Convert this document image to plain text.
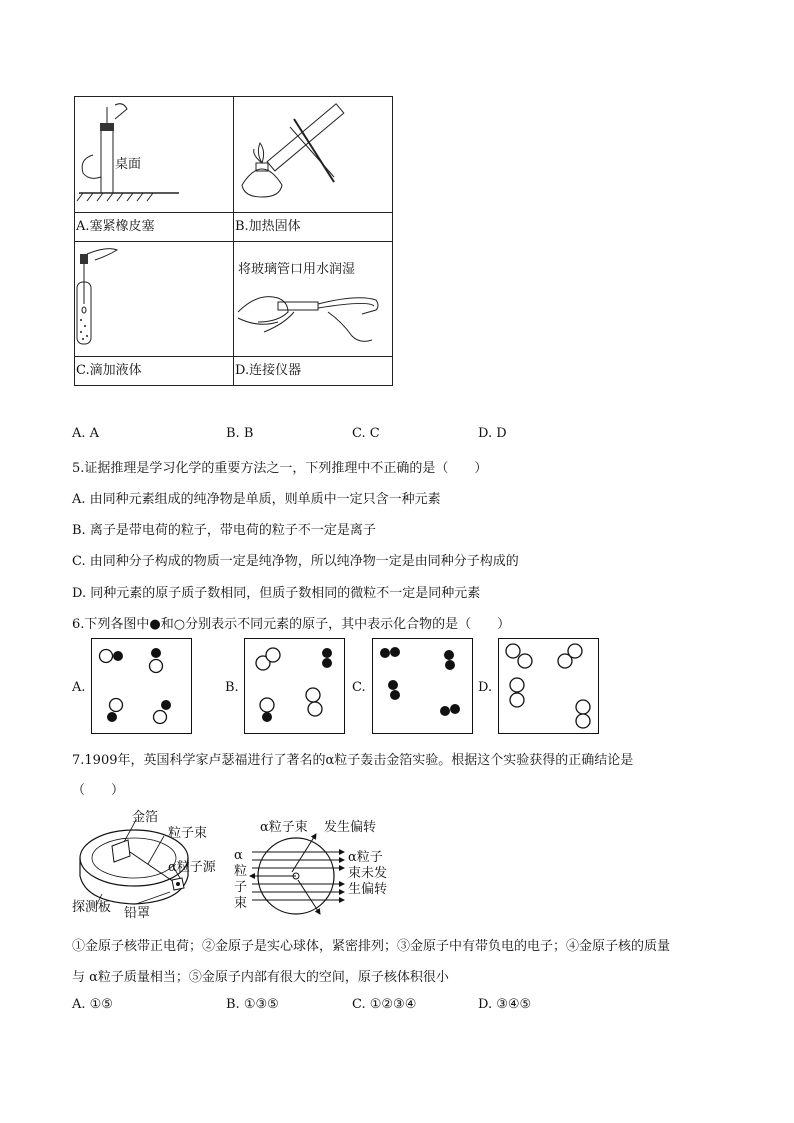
桌面

A.塞紧橡皮塞	B.加热固体

将玻璃管口用水润湿

C.滴加液体	D.连接仪器
A. A	B. B	C. C	D. D
5.证据推理是学习化学的重要方法之一，下列推理中不正确的是（　　）
A. 由同种元素组成的纯净物是单质，则单质中一定只含一种元素
B. 离子是带电荷的粒子，带电荷的粒子不一定是离子
C. 由同种分子构成的物质一定是纯净物，所以纯净物一定是由同种分子构成的
D. 同种元素的原子质子数相同，但质子数相同的微粒不一定是同种元素
6.下列各图中●和○分别表示不同元素的原子，其中表示化合物的是（　　）
A.	B.	C.	D.
7.1909年，英国科学家卢瑟福进行了著名的α粒子轰击金箔实验。根据这个实验获得的正确结论是
（　　）
金箔
粒子束
α粒子源
探测板 铅罩
α粒子束 发生偏转
α
粒
子
束
α粒子
束未发
生偏转
①金原子核带正电荷；②金原子是实心球体，紧密排列；③金原子中有带负电的电子；④金原子核的质量
与 α粒子质量相当；⑤金原子内部有很大的空间，原子核体积很小
A. ①⑤	B. ①③⑤	C. ①②③④	D. ③④⑤
